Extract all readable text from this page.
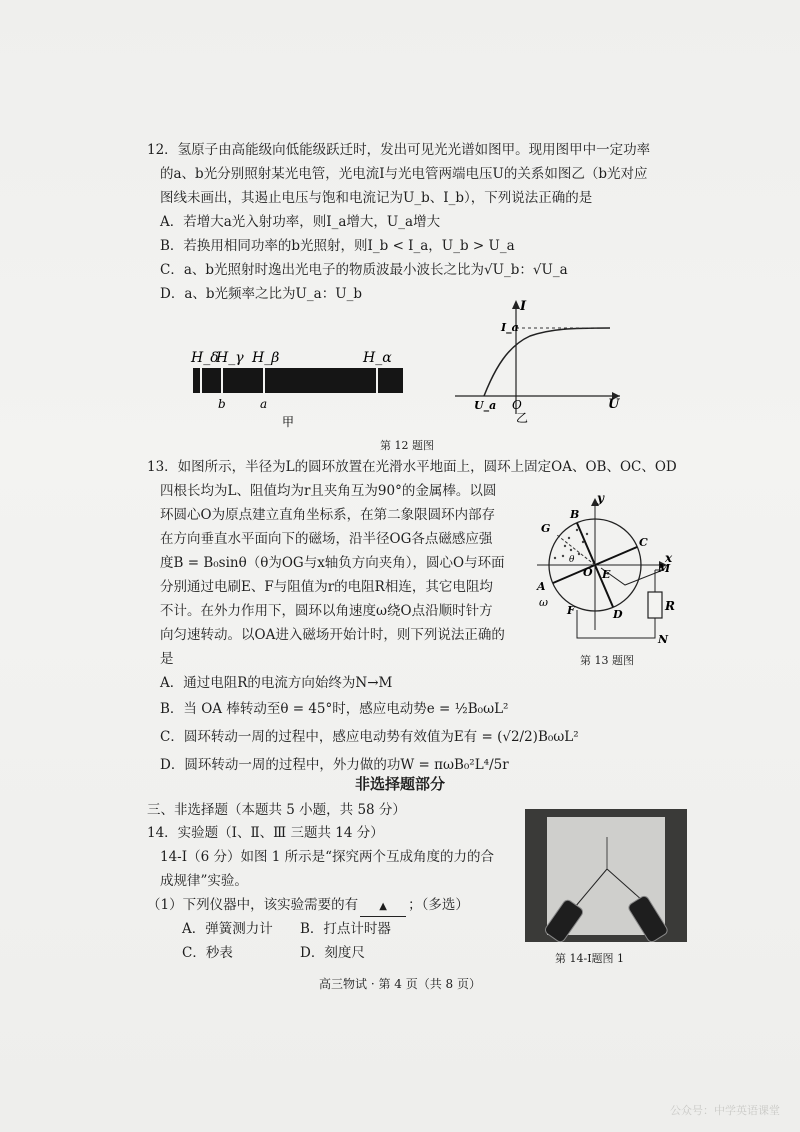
12．氢原子由高能级向低能级跃迁时，发出可见光光谱如图甲。现用图甲中一定功率
的a、b光分别照射某光电管，光电流I与光电管两端电压U的关系如图乙（b光对应
图线未画出，其遏止电压与饱和电流记为U_b、I_b），下列说法正确的是
A．若增大a光入射功率，则I_a增大，U_a增大
B．若换用相同功率的b光照射，则I_b < I_a，U_b > U_a
C．a、b光照射时逸出光电子的物质波最小波长之比为√U_b：√U_a
D．a、b光频率之比为U_a：U_b
H_δ
H_γ H_β	H_α
b	a
甲
I
U
I_a
U_a O
乙
第 12 题图
13．如图所示，半径为L的圆环放置在光滑水平地面上，圆环上固定OA、OB、OC、OD
四根长均为L、阻值均为r且夹角互为90°的金属棒。以圆
环圆心O为原点建立直角坐标系，在第二象限圆环内部存
在方向垂直水平面向下的磁场，沿半径OG各点磁感应强
度B = B₀sinθ（θ为OG与x轴负方向夹角），圆心O与环面
分别通过电刷E、F与阻值为r的电阻R相连，其它电阻均
不计。在外力作用下，圆环以角速度ω绕O点沿顺时针方
向匀速转动。以OA进入磁场开始计时，则下列说法正确的
是
A．通过电阻R的电流方向始终为N→M
B．当 OA 棒转动至θ = 45°时，感应电动势e = ½B₀ωL²
C．圆环转动一周的过程中，感应电动势有效值为E有 = (√2/2)B₀ωL²
D．圆环转动一周的过程中，外力做的功W = πωB₀²L⁴/5r
y
x
B
G
C
O E
A
D
F
M
N
R
ω
θ
第 13 题图
非选择题部分
三、非选择题（本题共 5 小题，共 58 分）
14．实验题（Ⅰ、Ⅱ、Ⅲ 三题共 14 分）
14-Ⅰ（6 分）如图 1 所示是“探究两个互成角度的力的合
成规律”实验。
（1）下列仪器中，该实验需要的有 ▲ ；（多选）
A．弹簧测力计 B．打点计时器
C．秒表	D．刻度尺	第 14-Ⅰ题图 1
高三物试 · 第 4 页（共 8 页）
公众号：中学英语课堂
